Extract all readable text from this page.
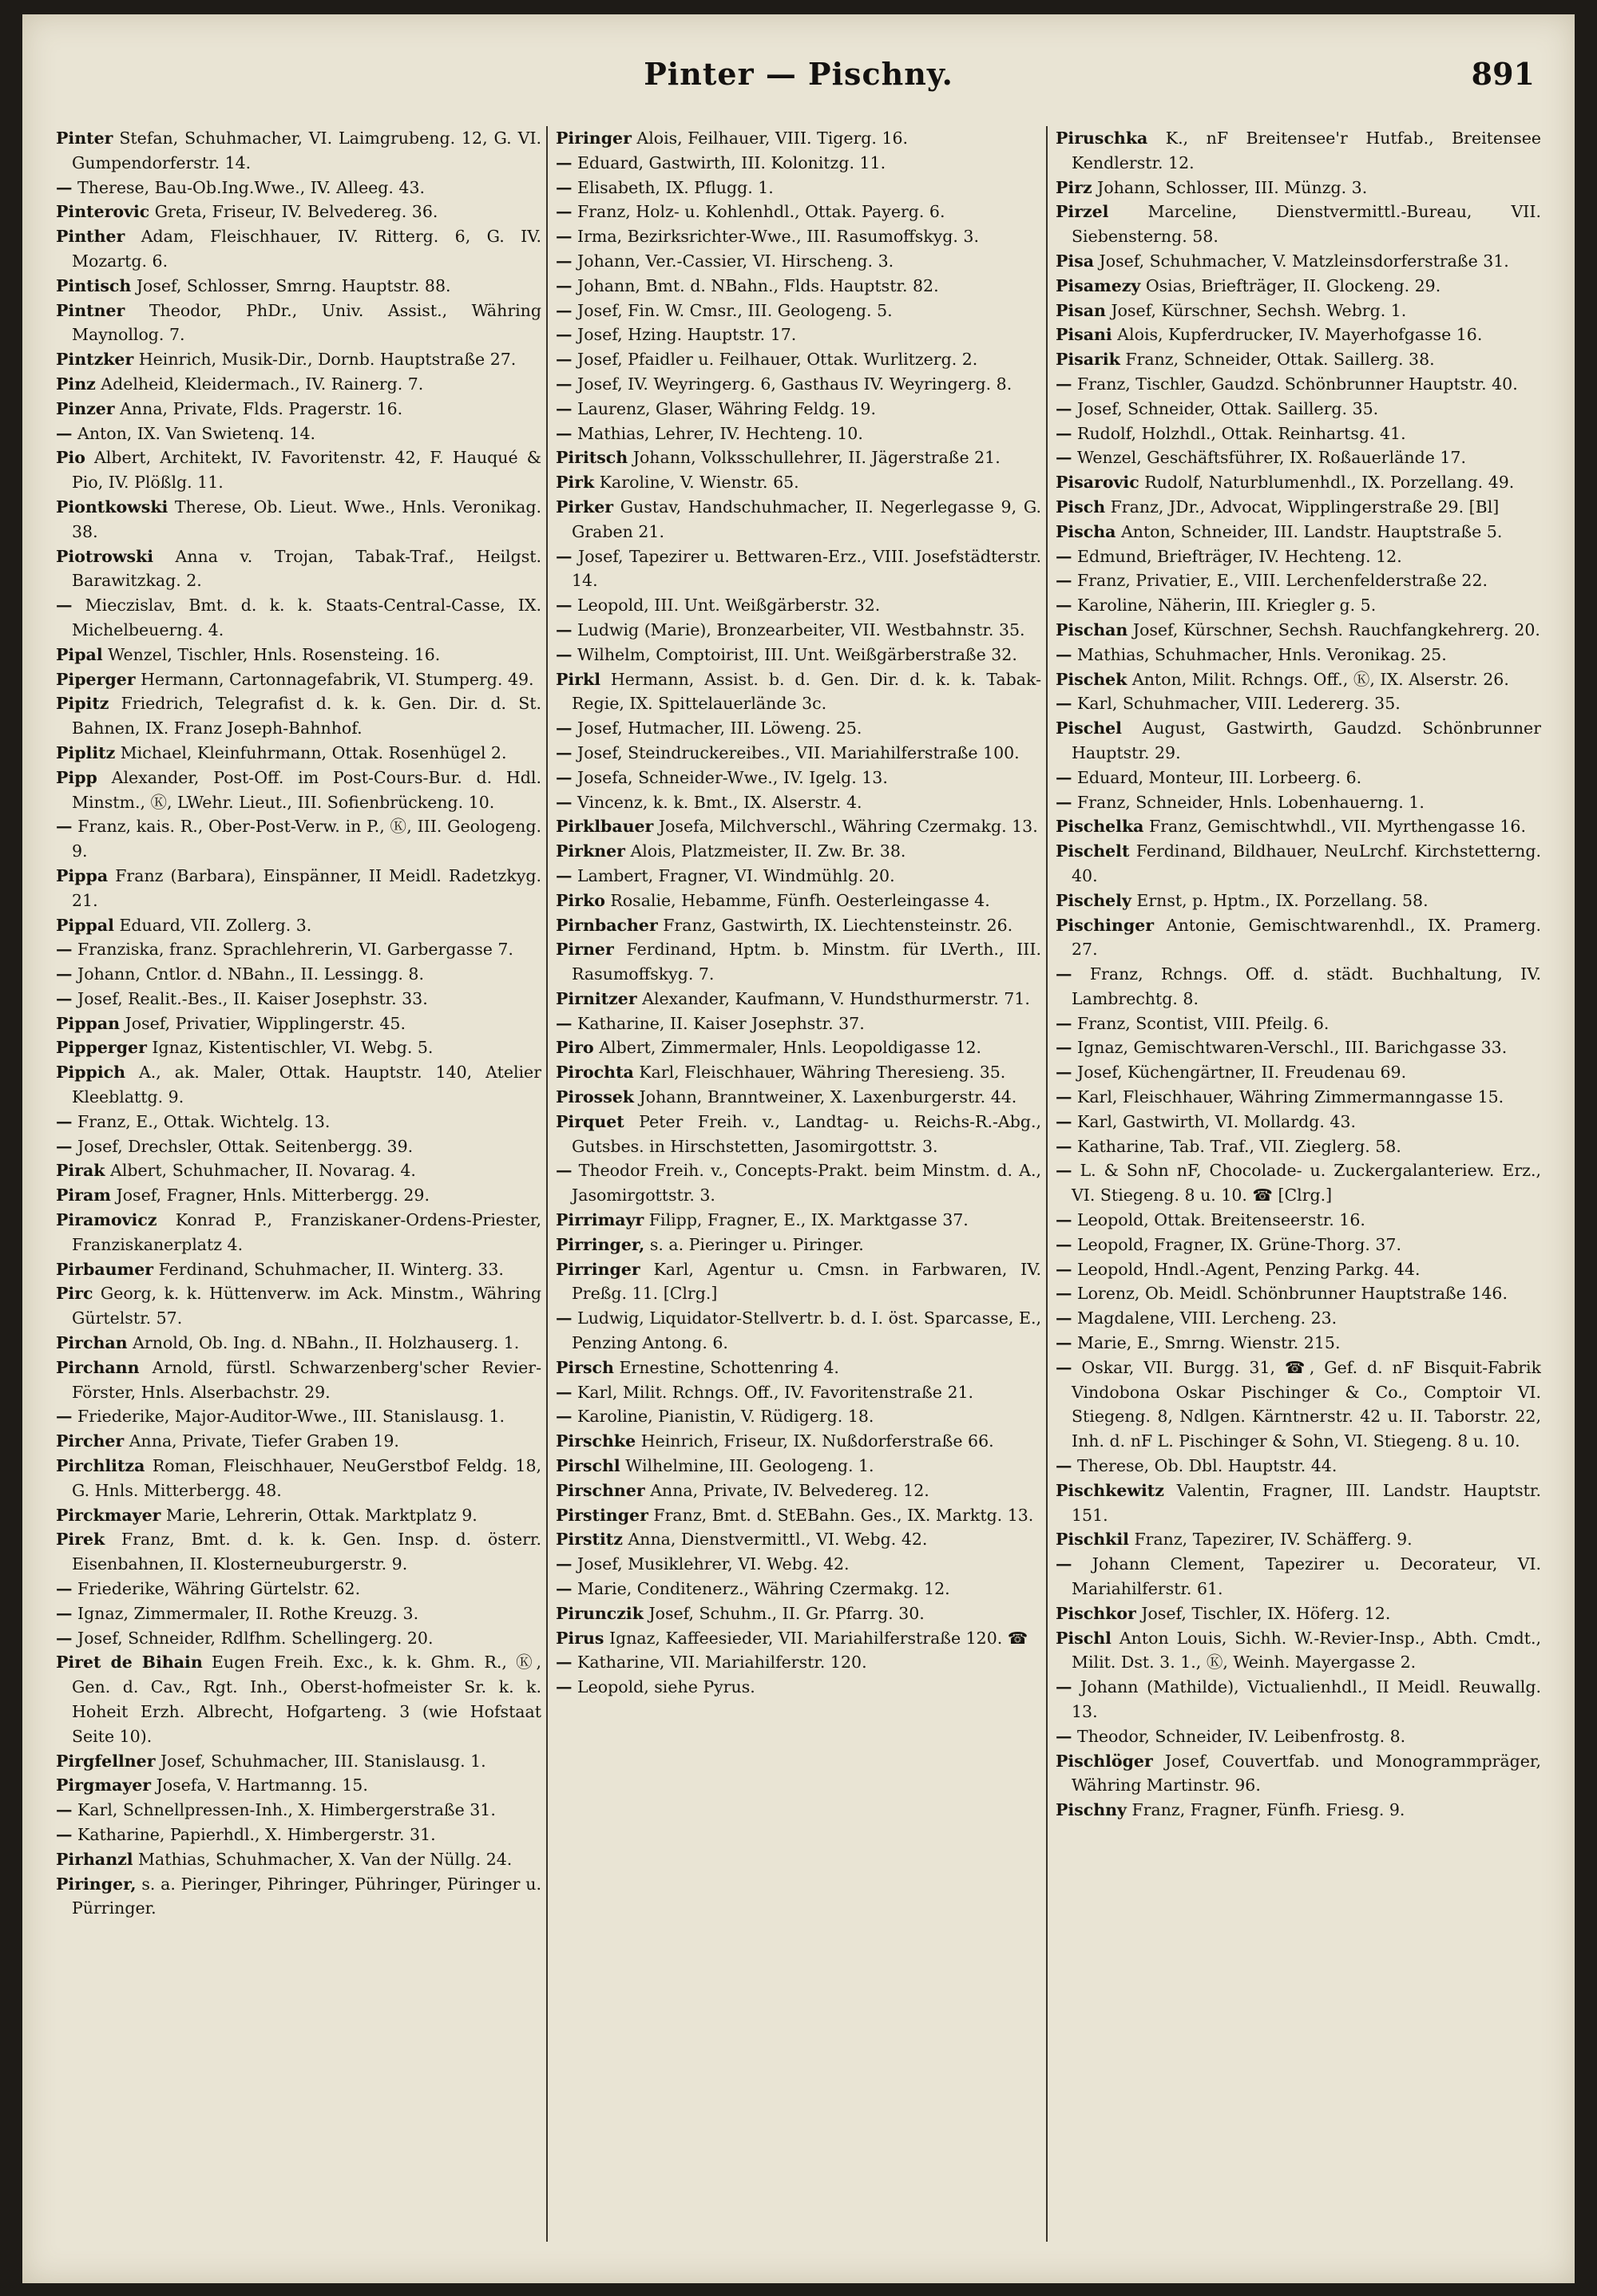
Pinter — Pischny.	891
Pinter Stefan, Schuhmacher, VI. Laimgrubeng. 12, G. VI. Gumpendorferstr. 14.
— Therese, Bau-Ob.Ing.Wwe., IV. Alleeg. 43.
Pinterovic Greta, Friseur, IV. Belvedereg. 36.
Pinther Adam, Fleischhauer, IV. Ritterg. 6, G. IV. Mozartg. 6.
Pintisch Josef, Schlosser, Smrng. Hauptstr. 88.
Pintner Theodor, PhDr., Univ. Assist., Währing Maynollog. 7.
Pintzker Heinrich, Musik-Dir., Dornb. Hauptstraße 27.
Pinz Adelheid, Kleidermach., IV. Rainerg. 7.
Pinzer Anna, Private, Flds. Pragerstr. 16.
— Anton, IX. Van Swietenq. 14.
Pio Albert, Architekt, IV. Favoritenstr. 42, F. Hauqué & Pio, IV. Plößlg. 11.
Piontkowski Therese, Ob. Lieut. Wwe., Hnls. Veronikag. 38.
Piotrowski Anna v. Trojan, Tabak-Traf., Heilgst. Barawitzkag. 2.
— Mieczislav, Bmt. d. k. k. Staats-Central-Casse, IX. Michelbeuerng. 4.
Pipal Wenzel, Tischler, Hnls. Rosensteing. 16.
Piperger Hermann, Cartonnagefabrik, VI. Stumperg. 49.
Pipitz Friedrich, Telegrafist d. k. k. Gen. Dir. d. St. Bahnen, IX. Franz Joseph-Bahnhof.
Piplitz Michael, Kleinfuhrmann, Ottak. Rosenhügel 2.
Pipp Alexander, Post-Off. im Post-Cours-Bur. d. Hdl. Minstm., Ⓚ, LWehr. Lieut., III. Sofienbrückeng. 10.
— Franz, kais. R., Ober-Post-Verw. in P., Ⓚ, III. Geologeng. 9.
Pippa Franz (Barbara), Einspänner, II Meidl. Radetzkyg. 21.
Pippal Eduard, VII. Zollerg. 3.
— Franziska, franz. Sprachlehrerin, VI. Garbergasse 7.
— Johann, Cntlor. d. NBahn., II. Lessingg. 8.
— Josef, Realit.-Bes., II. Kaiser Josephstr. 33.
Pippan Josef, Privatier, Wipplingerstr. 45.
Pipperger Ignaz, Kistentischler, VI. Webg. 5.
Pippich A., ak. Maler, Ottak. Hauptstr. 140, Atelier Kleeblattg. 9.
— Franz, E., Ottak. Wichtelg. 13.
— Josef, Drechsler, Ottak. Seitenbergg. 39.
Pirak Albert, Schuhmacher, II. Novarag. 4.
Piram Josef, Fragner, Hnls. Mitterbergg. 29.
Piramovicz Konrad P., Franziskaner-Ordens-Priester, Franziskanerplatz 4.
Pirbaumer Ferdinand, Schuhmacher, II. Winterg. 33.
Pirc Georg, k. k. Hüttenverw. im Ack. Minstm., Währing Gürtelstr. 57.
Pirchan Arnold, Ob. Ing. d. NBahn., II. Holzhauserg. 1.
Pirchann Arnold, fürstl. Schwarzenberg'scher Revier-Förster, Hnls. Alserbachstr. 29.
— Friederike, Major-Auditor-Wwe., III. Stanislausg. 1.
Pircher Anna, Private, Tiefer Graben 19.
Pirchlitza Roman, Fleischhauer, NeuGerstbof Feldg. 18, G. Hnls. Mitterbergg. 48.
Pirckmayer Marie, Lehrerin, Ottak. Marktplatz 9.
Pirek Franz, Bmt. d. k. k. Gen. Insp. d. österr. Eisenbahnen, II. Klosterneuburgerstr. 9.
— Friederike, Währing Gürtelstr. 62.
— Ignaz, Zimmermaler, II. Rothe Kreuzg. 3.
— Josef, Schneider, Rdlfhm. Schellingerg. 20.
Piret de Bihain Eugen Freih. Exc., k. k. Ghm. R., Ⓚ, Gen. d. Cav., Rgt. Inh., Oberst-hofmeister Sr. k. k. Hoheit Erzh. Albrecht, Hofgarteng. 3 (wie Hofstaat Seite 10).
Pirgfellner Josef, Schuhmacher, III. Stanislausg. 1.
Pirgmayer Josefa, V. Hartmanng. 15.
— Karl, Schnellpressen-Inh., X. Himbergerstraße 31.
— Katharine, Papierhdl., X. Himbergerstr. 31.
Pirhanzl Mathias, Schuhmacher, X. Van der Nüllg. 24.
Piringer, s. a. Pieringer, Pihringer, Pühringer, Püringer u. Pürringer.
Piringer Alois, Feilhauer, VIII. Tigerg. 16.
— Eduard, Gastwirth, III. Kolonitzg. 11.
— Elisabeth, IX. Pflugg. 1.
— Franz, Holz- u. Kohlenhdl., Ottak. Payerg. 6.
— Irma, Bezirksrichter-Wwe., III. Rasumoffskyg. 3.
— Johann, Ver.-Cassier, VI. Hirscheng. 3.
— Johann, Bmt. d. NBahn., Flds. Hauptstr. 82.
— Josef, Fin. W. Cmsr., III. Geologeng. 5.
— Josef, Hzing. Hauptstr. 17.
— Josef, Pfaidler u. Feilhauer, Ottak. Wurlitzerg. 2.
— Josef, IV. Weyringerg. 6, Gasthaus IV. Weyringerg. 8.
— Laurenz, Glaser, Währing Feldg. 19.
— Mathias, Lehrer, IV. Hechteng. 10.
Piritsch Johann, Volksschullehrer, II. Jägerstraße 21.
Pirk Karoline, V. Wienstr. 65.
Pirker Gustav, Handschuhmacher, II. Negerlegasse 9, G. Graben 21.
— Josef, Tapezirer u. Bettwaren-Erz., VIII. Josefstädterstr. 14.
— Leopold, III. Unt. Weißgärberstr. 32.
— Ludwig (Marie), Bronzearbeiter, VII. Westbahnstr. 35.
— Wilhelm, Comptoirist, III. Unt. Weißgärberstraße 32.
Pirkl Hermann, Assist. b. d. Gen. Dir. d. k. k. Tabak-Regie, IX. Spittelauerlände 3c.
— Josef, Hutmacher, III. Löweng. 25.
— Josef, Steindruckereibes., VII. Mariahilferstraße 100.
— Josefa, Schneider-Wwe., IV. Igelg. 13.
— Vincenz, k. k. Bmt., IX. Alserstr. 4.
Pirklbauer Josefa, Milchverschl., Währing Czermakg. 13.
Pirkner Alois, Platzmeister, II. Zw. Br. 38.
— Lambert, Fragner, VI. Windmühlg. 20.
Pirko Rosalie, Hebamme, Fünfh. Oesterleingasse 4.
Pirnbacher Franz, Gastwirth, IX. Liechtensteinstr. 26.
Pirner Ferdinand, Hptm. b. Minstm. für LVerth., III. Rasumoffskyg. 7.
Pirnitzer Alexander, Kaufmann, V. Hundsthurmerstr. 71.
— Katharine, II. Kaiser Josephstr. 37.
Piro Albert, Zimmermaler, Hnls. Leopoldigasse 12.
Pirochta Karl, Fleischhauer, Währing Theresieng. 35.
Pirossek Johann, Branntweiner, X. Laxenburgerstr. 44.
Pirquet Peter Freih. v., Landtag- u. Reichs-R.-Abg., Gutsbes. in Hirschstetten, Jasomirgottstr. 3.
— Theodor Freih. v., Concepts-Prakt. beim Minstm. d. A., Jasomirgottstr. 3.
Pirrimayr Filipp, Fragner, E., IX. Marktgasse 37.
Pirringer, s. a. Pieringer u. Piringer.
Pirringer Karl, Agentur u. Cmsn. in Farbwaren, IV. Preßg. 11. [Clrg.]
— Ludwig, Liquidator-Stellvertr. b. d. I. öst. Sparcasse, E., Penzing Antong. 6.
Pirsch Ernestine, Schottenring 4.
— Karl, Milit. Rchngs. Off., IV. Favoritenstraße 21.
— Karoline, Pianistin, V. Rüdigerg. 18.
Pirschke Heinrich, Friseur, IX. Nußdorferstraße 66.
Pirschl Wilhelmine, III. Geologeng. 1.
Pirschner Anna, Private, IV. Belvedereg. 12.
Pirstinger Franz, Bmt. d. StEBahn. Ges., IX. Marktg. 13.
Pirstitz Anna, Dienstvermittl., VI. Webg. 42.
— Josef, Musiklehrer, VI. Webg. 42.
— Marie, Conditenerz., Währing Czermakg. 12.
Pirunczik Josef, Schuhm., II. Gr. Pfarrg. 30.
Pirus Ignaz, Kaffeesieder, VII. Mariahilferstraße 120. ☎
— Katharine, VII. Mariahilferstr. 120.
— Leopold, siehe Pyrus.
Piruschka K., nF Breitensee'r Hutfab., Breitensee Kendlerstr. 12.
Pirz Johann, Schlosser, III. Münzg. 3.
Pirzel Marceline, Dienstvermittl.-Bureau, VII. Siebensterng. 58.
Pisa Josef, Schuhmacher, V. Matzleinsdorferstraße 31.
Pisamezy Osias, Briefträger, II. Glockeng. 29.
Pisan Josef, Kürschner, Sechsh. Webrg. 1.
Pisani Alois, Kupferdrucker, IV. Mayerhofgasse 16.
Pisarik Franz, Schneider, Ottak. Saillerg. 38.
— Franz, Tischler, Gaudzd. Schönbrunner Hauptstr. 40.
— Josef, Schneider, Ottak. Saillerg. 35.
— Rudolf, Holzhdl., Ottak. Reinhartsg. 41.
— Wenzel, Geschäftsführer, IX. Roßauerlände 17.
Pisarovic Rudolf, Naturblumenhdl., IX. Porzellang. 49.
Pisch Franz, JDr., Advocat, Wipplingerstraße 29. [Bl]
Pischa Anton, Schneider, III. Landstr. Hauptstraße 5.
— Edmund, Briefträger, IV. Hechteng. 12.
— Franz, Privatier, E., VIII. Lerchenfelderstraße 22.
— Karoline, Näherin, III. Kriegler g. 5.
Pischan Josef, Kürschner, Sechsh. Rauchfangkehrerg. 20.
— Mathias, Schuhmacher, Hnls. Veronikag. 25.
Pischek Anton, Milit. Rchngs. Off., Ⓚ, IX. Alserstr. 26.
— Karl, Schuhmacher, VIII. Ledererg. 35.
Pischel August, Gastwirth, Gaudzd. Schönbrunner Hauptstr. 29.
— Eduard, Monteur, III. Lorbeerg. 6.
— Franz, Schneider, Hnls. Lobenhauerng. 1.
Pischelka Franz, Gemischtwhdl., VII. Myrthengasse 16.
Pischelt Ferdinand, Bildhauer, NeuLrchf. Kirchstetterng. 40.
Pischely Ernst, p. Hptm., IX. Porzellang. 58.
Pischinger Antonie, Gemischtwarenhdl., IX. Pramerg. 27.
— Franz, Rchngs. Off. d. städt. Buchhaltung, IV. Lambrechtg. 8.
— Franz, Scontist, VIII. Pfeilg. 6.
— Ignaz, Gemischtwaren-Verschl., III. Barichgasse 33.
— Josef, Küchengärtner, II. Freudenau 69.
— Karl, Fleischhauer, Währing Zimmermanngasse 15.
— Karl, Gastwirth, VI. Mollardg. 43.
— Katharine, Tab. Traf., VII. Zieglerg. 58.
— L. & Sohn nF, Chocolade- u. Zuckergalanteriew. Erz., VI. Stiegeng. 8 u. 10. ☎ [Clrg.]
— Leopold, Ottak. Breitenseerstr. 16.
— Leopold, Fragner, IX. Grüne-Thorg. 37.
— Leopold, Hndl.-Agent, Penzing Parkg. 44.
— Lorenz, Ob. Meidl. Schönbrunner Hauptstraße 146.
— Magdalene, VIII. Lercheng. 23.
— Marie, E., Smrng. Wienstr. 215.
— Oskar, VII. Burgg. 31, ☎, Gef. d. nF Bisquit-Fabrik Vindobona Oskar Pischinger & Co., Comptoir VI. Stiegeng. 8, Ndlgen. Kärntnerstr. 42 u. II. Taborstr. 22, Inh. d. nF L. Pischinger & Sohn, VI. Stiegeng. 8 u. 10.
— Therese, Ob. Dbl. Hauptstr. 44.
Pischkewitz Valentin, Fragner, III. Landstr. Hauptstr. 151.
Pischkil Franz, Tapezirer, IV. Schäfferg. 9.
— Johann Clement, Tapezirer u. Decorateur, VI. Mariahilferstr. 61.
Pischkor Josef, Tischler, IX. Höferg. 12.
Pischl Anton Louis, Sichh. W.-Revier-Insp., Abth. Cmdt., Milit. Dst. 3. 1., Ⓚ, Weinh. Mayergasse 2.
— Johann (Mathilde), Victualienhdl., II Meidl. Reuwallg. 13.
— Theodor, Schneider, IV. Leibenfrostg. 8.
Pischlöger Josef, Couvertfab. und Monogrammpräger, Währing Martinstr. 96.
Pischny Franz, Fragner, Fünfh. Friesg. 9.
